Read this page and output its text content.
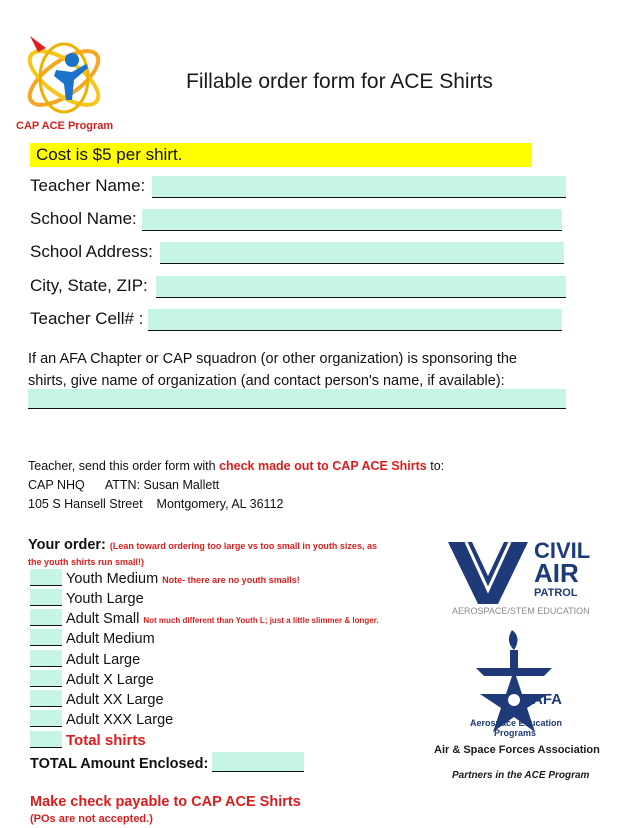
CAP ACE Program
Fillable order form for ACE Shirts
Cost is $5 per shirt.
Teacher Name:
School Name:
School Address:
City, State, ZIP:
Teacher Cell# :
If an AFA Chapter or CAP squadron (or other organization) is sponsoring the
shirts, give name of organization (and contact person's name, if available):
Teacher, send this order form with check made out to CAP ACE Shirts to:
CAP NHQ      ATTN: Susan Mallett
105 S Hansell Street    Montgomery, AL 36112
Your order: (Lean toward ordering too large vs too small in youth sizes, as
the youth shirts run small!)
Youth Medium Note- there are no youth smalls!
Youth Large
Adult Small Not much different than Youth L; just a little slimmer & longer.
Adult Medium
Adult Large
Adult X Large
Adult XX Large
Adult XXX Large
Total shirts
TOTAL Amount Enclosed:
Make check payable to CAP ACE Shirts
(POs are not accepted.)
CIVIL
AIR
PATROL
AEROSPACE/STEM EDUCATION
AFA
Aerospace Education
Programs
Air & Space Forces Association
Partners in the ACE Program
